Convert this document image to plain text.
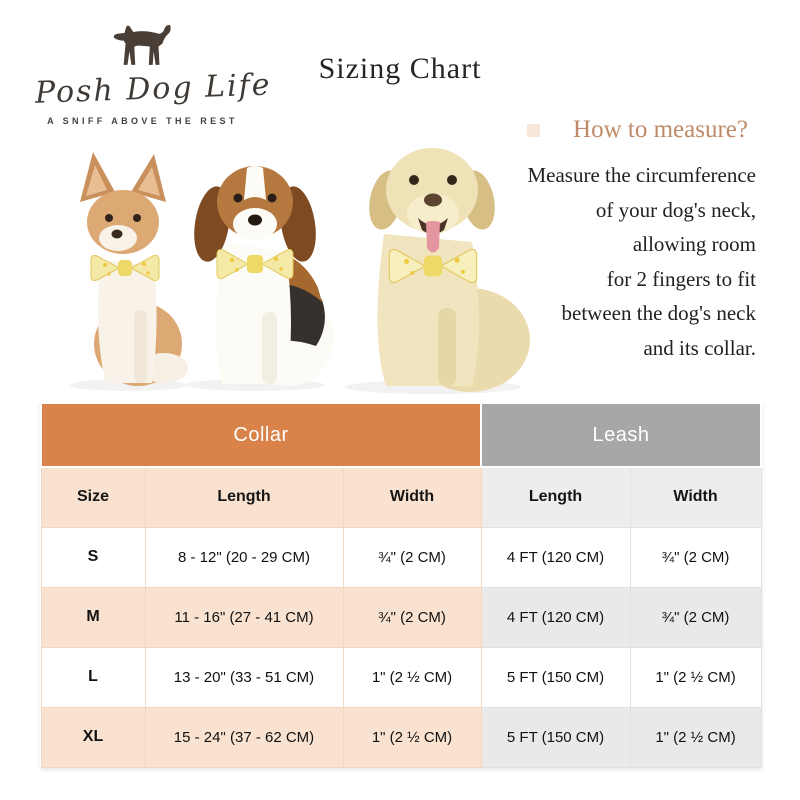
Posh Dog Life
A SNIFF ABOVE THE REST
Sizing Chart
How to measure?
Measure the circumference
of your dog's neck,
allowing room
for 2 fingers to fit
between the dog's neck
and its collar.
Collar			Leash	
Size	Length	Width	Length	Width
S	8 - 12" (20 - 29 CM)	¾" (2 CM)	4 FT (120 CM)	¾" (2 CM)
M	11 - 16" (27 - 41 CM)	¾" (2 CM)	4 FT (120 CM)	¾" (2 CM)
L	13 - 20" (33 - 51 CM)	1" (2 ½ CM)	5 FT (150 CM)	1" (2 ½ CM)
XL	15 - 24" (37 - 62 CM)	1" (2 ½ CM)	5 FT (150 CM)	1" (2 ½ CM)
